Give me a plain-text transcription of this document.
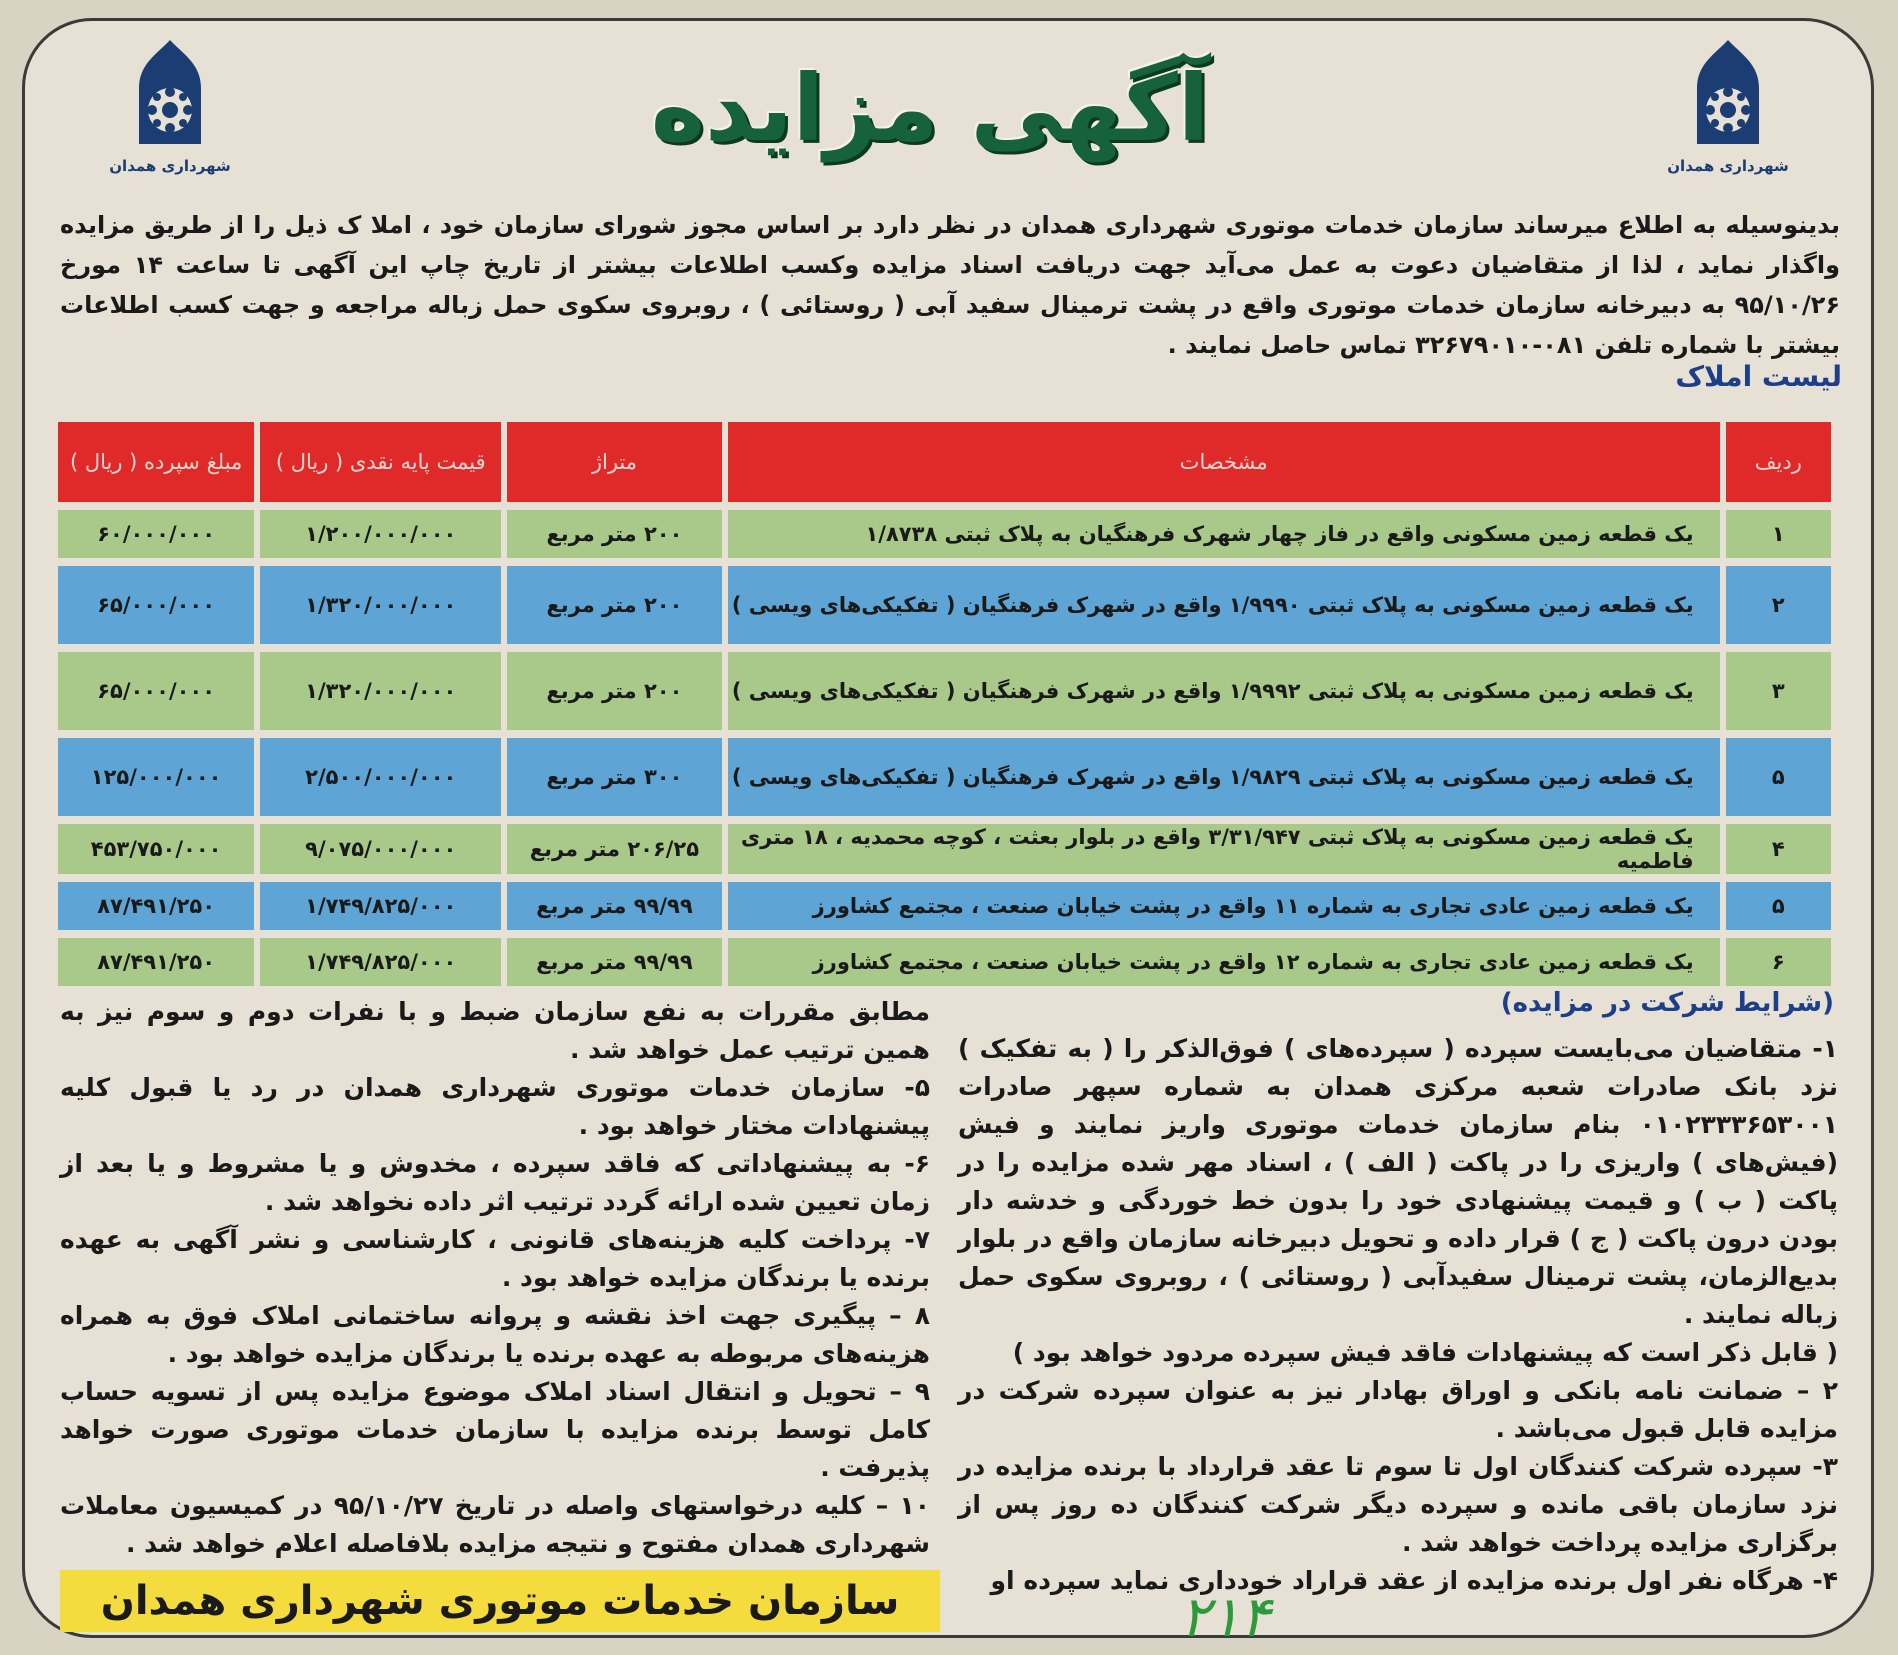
شهرداری همدان
شهرداری همدان
آگهی مزایده

بدینوسیله به اطلاع میرساند سازمان خدمات موتوری شهرداری همدان در نظر دارد بر اساس مجوز شورای سازمان خود ، املا ک ذیل را از طریق مزایده واگذار نماید ، لذا از متقاضیان دعوت به عمل می‌آید جهت دریافت اسناد مزایده وکسب اطلاعات بیشتر از تاریخ چاپ این آگهی تا ساعت ۱۴ مورخ ۹۵/۱۰/۲۶ به دبیرخانه سازمان خدمات موتوری واقع در پشت ترمینال سفید آبی ( روستائی ) ، روبروی سکوی حمل زباله مراجعه و جهت کسب اطلاعات بیشتر با شماره تلفن ۰۸۱-۳۲۶۷۹۰۱۰ تماس حاصل نمایند .

لیست املاک
ردیف	مشخصات	متراژ	قیمت پایه نقدی ( ریال )	مبلغ سپرده ( ریال )
۱	یک قطعه زمین مسکونی واقع در فاز چهار شهرک فرهنگیان به پلاک ثبتی ۱/۸۷۳۸	۲۰۰ متر مربع	۱/۲۰۰/۰۰۰/۰۰۰	۶۰/۰۰۰/۰۰۰
۲	یک قطعه زمین مسکونی به پلاک ثبتی ۱/۹۹۹۰ واقع در شهرک فرهنگیان ( تفکیکی‌های ویسی )	۲۰۰ متر مربع	۱/۳۲۰/۰۰۰/۰۰۰	۶۵/۰۰۰/۰۰۰
۳	یک قطعه زمین مسکونی به پلاک ثبتی ۱/۹۹۹۲ واقع در شهرک فرهنگیان ( تفکیکی‌های ویسی )	۲۰۰ متر مربع	۱/۳۲۰/۰۰۰/۰۰۰	۶۵/۰۰۰/۰۰۰
۵	یک قطعه زمین مسکونی به پلاک ثبتی ۱/۹۸۲۹ واقع در شهرک فرهنگیان ( تفکیکی‌های ویسی )	۳۰۰ متر مربع	۲/۵۰۰/۰۰۰/۰۰۰	۱۲۵/۰۰۰/۰۰۰
۴	یک قطعه زمین مسکونی به پلاک ثبتی ۳/۳۱/۹۴۷ واقع در بلوار بعثت ، کوچه محمدیه ، ۱۸ متری فاطمیه	۲۰۶/۲۵ متر مربع	۹/۰۷۵/۰۰۰/۰۰۰	۴۵۳/۷۵۰/۰۰۰
۵	یک قطعه زمین عادی تجاری به شماره ۱۱ واقع در پشت خیابان صنعت ، مجتمع کشاورز	۹۹/۹۹ متر مربع	۱/۷۴۹/۸۲۵/۰۰۰	۸۷/۴۹۱/۲۵۰
۶	یک قطعه زمین عادی تجاری به شماره ۱۲ واقع در پشت خیابان صنعت ، مجتمع کشاورز	۹۹/۹۹ متر مربع	۱/۷۴۹/۸۲۵/۰۰۰	۸۷/۴۹۱/۲۵۰
(شرایط شرکت در مزایده)

۱- متقاضیان می‌بایست سپرده ( سپرده‌های ) فوق‌الذکر را ( به تفکیک ) نزد بانک صادرات شعبه مرکزی همدان به شماره سپهر صادرات ۰۱۰۲۳۳۳۶۵۳۰۰۱ بنام سازمان خدمات موتوری واریز نمایند و فیش (فیش‌های ) واریزی را در پاکت ( الف ) ، اسناد مهر شده مزایده را در پاکت ( ب ) و قیمت پیشنهادی خود را بدون خط خوردگی و خدشه دار بودن درون پاکت ( ج ) قرار داده و تحویل دبیرخانه سازمان واقع در بلوار بدیع‌الزمان، پشت ترمینال سفیدآبی ( روستائی ) ، روبروی سکوی حمل زباله نمایند .

( قابل ذکر است که پیشنهادات فاقد فیش سپرده مردود خواهد بود )

۲ – ضمانت نامه بانکی و اوراق بهادار نیز به عنوان سپرده شرکت در مزایده قابل قبول می‌باشد .

۳- سپرده شرکت کنندگان اول تا سوم تا عقد قرارداد با برنده مزایده در نزد سازمان باقی مانده و سپرده دیگر شرکت کنندگان ده روز پس از برگزاری مزایده پرداخت خواهد شد .

۴- هرگاه نفر اول برنده مزایده از عقد قراراد خودداری نماید سپرده او

مطابق مقررات به نفع سازمان ضبط و با نفرات دوم و سوم نیز به همین ترتیب عمل خواهد شد .

۵- سازمان خدمات موتوری شهرداری همدان در رد یا قبول کلیه پیشنهادات مختار خواهد بود .

۶- به پیشنهاداتی که فاقد سپرده ، مخدوش و یا مشروط و یا بعد از زمان تعیین شده ارائه گردد ترتیب اثر داده نخواهد شد .

۷- پرداخت کلیه هزینه‌های قانونی ، کارشناسی و نشر آگهی به عهده برنده یا برندگان مزایده خواهد بود .

۸ – پیگیری جهت اخذ نقشه و پروانه ساختمانی املاک فوق به همراه هزینه‌های مربوطه به عهده برنده یا برندگان مزایده خواهد بود .

۹ – تحویل و انتقال اسناد املاک موضوع مزایده پس از تسویه حساب کامل توسط برنده مزایده با سازمان خدمات موتوری صورت خواهد پذیرفت .

۱۰ – کلیه درخواستهای واصله در تاریخ ۹۵/۱۰/۲۷ در کمیسیون معاملات شهرداری همدان مفتوح و نتیجه مزایده بلافاصله اعلام خواهد شد .

سازمان خدمات موتوری شهرداری همدان	۲۱۴
